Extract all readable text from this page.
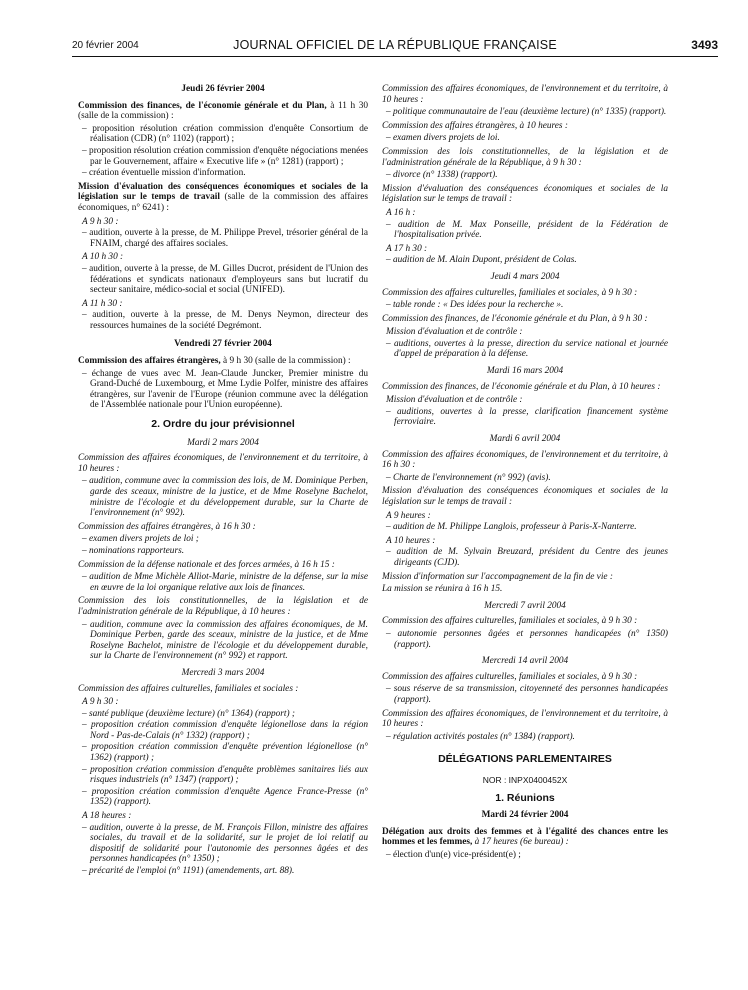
20 février 2004	JOURNAL OFFICIEL DE LA RÉPUBLIQUE FRANÇAISE	3493
Jeudi 26 février 2004
Commission des finances, de l'économie générale et du Plan, à 11 h 30 (salle de la commission) :
– proposition résolution création commission d'enquête Consortium de réalisation (CDR) (n° 1102) (rapport) ;
– proposition résolution création commission d'enquête négociations menées par le Gouvernement, affaire « Executive life » (n° 1281) (rapport) ;
– création éventuelle mission d'information.
Mission d'évaluation des conséquences économiques et sociales de la législation sur le temps de travail (salle de la commission des affaires économiques, n° 6241) :
A 9 h 30 :
– audition, ouverte à la presse, de M. Philippe Prevel, trésorier général de la FNAIM, chargé des affaires sociales.
A 10 h 30 :
– audition, ouverte à la presse, de M. Gilles Ducrot, président de l'Union des fédérations et syndicats nationaux d'employeurs sans but lucratif du secteur sanitaire, médico-social et social (UNIFED).
A 11 h 30 :
– audition, ouverte à la presse, de M. Denys Neymon, directeur des ressources humaines de la société Degrémont.
Vendredi 27 février 2004
Commission des affaires étrangères, à 9 h 30 (salle de la commission) :
– échange de vues avec M. Jean-Claude Juncker, Premier ministre du Grand-Duché de Luxembourg, et Mme Lydie Polfer, ministre des affaires étrangères, sur l'avenir de l'Europe (réunion commune avec la délégation de l'Assemblée nationale pour l'Union européenne).
2. Ordre du jour prévisionnel
Mardi 2 mars 2004
Commission des affaires économiques, de l'environnement et du territoire, à 10 heures :
– audition, commune avec la commission des lois, de M. Dominique Perben, garde des sceaux, ministre de la justice, et de Mme Roselyne Bachelot, ministre de l'écologie et du développement durable, sur la Charte de l'environnement (n° 992).
Commission des affaires étrangères, à 16 h 30 :
– examen divers projets de loi ;
– nominations rapporteurs.
Commission de la défense nationale et des forces armées, à 16 h 15 :
– audition de Mme Michèle Alliot-Marie, ministre de la défense, sur la mise en œuvre de la loi organique relative aux lois de finances.
Commission des lois constitutionnelles, de la législation et de l'administration générale de la République, à 10 heures :
– audition, commune avec la commission des affaires économiques, de M. Dominique Perben, garde des sceaux, ministre de la justice, et de Mme Roselyne Bachelot, ministre de l'écologie et du développement durable, sur la Charte de l'environnement (n° 992) et rapport.
Mercredi 3 mars 2004
Commission des affaires culturelles, familiales et sociales :
A 9 h 30 :
– santé publique (deuxième lecture) (n° 1364) (rapport) ;
– proposition création commission d'enquête légionellose dans la région Nord - Pas-de-Calais (n° 1332) (rapport) ;
– proposition création commission d'enquête prévention légionellose (n° 1362) (rapport) ;
– proposition création commission d'enquête problèmes sanitaires liés aux risques industriels (n° 1347) (rapport) ;
– proposition création commission d'enquête Agence France-Presse (n° 1352) (rapport).
A 18 heures :
– audition, ouverte à la presse, de M. François Fillon, ministre des affaires sociales, du travail et de la solidarité, sur le projet de loi relatif au dispositif de solidarité pour l'autonomie des personnes âgées et des personnes handicapées (n° 1350) ;
– précarité de l'emploi (n° 1191) (amendements, art. 88).
Commission des affaires économiques, de l'environnement et du territoire, à 10 heures :
– politique communautaire de l'eau (deuxième lecture) (n° 1335) (rapport).
Commission des affaires étrangères, à 10 heures :
– examen divers projets de loi.
Commission des lois constitutionnelles, de la législation et de l'administration générale de la République, à 9 h 30 :
– divorce (n° 1338) (rapport).
Mission d'évaluation des conséquences économiques et sociales de la législation sur le temps de travail :
A 16 h :
– audition de M. Max Ponseille, président de la Fédération de l'hospitalisation privée.
A 17 h 30 :
– audition de M. Alain Dupont, président de Colas.
Jeudi 4 mars 2004
Commission des affaires culturelles, familiales et sociales, à 9 h 30 :
– table ronde : « Des idées pour la recherche ».
Commission des finances, de l'économie générale et du Plan, à 9 h 30 :
Mission d'évaluation et de contrôle :
– auditions, ouvertes à la presse, direction du service national et journée d'appel de préparation à la défense.
Mardi 16 mars 2004
Commission des finances, de l'économie générale et du Plan, à 10 heures :
Mission d'évaluation et de contrôle :
– auditions, ouvertes à la presse, clarification financement système ferroviaire.
Mardi 6 avril 2004
Commission des affaires économiques, de l'environnement et du territoire, à 16 h 30 :
– Charte de l'environnement (n° 992) (avis).
Mission d'évaluation des conséquences économiques et sociales de la législation sur le temps de travail :
A 9 heures :
– audition de M. Philippe Langlois, professeur à Paris-X-Nanterre.
A 10 heures :
– audition de M. Sylvain Breuzard, président du Centre des jeunes dirigeants (CJD).
Mission d'information sur l'accompagnement de la fin de vie :
La mission se réunira à 16 h 15.
Mercredi 7 avril 2004
Commission des affaires culturelles, familiales et sociales, à 9 h 30 :
– autonomie personnes âgées et personnes handicapées (n° 1350) (rapport).
Mercredi 14 avril 2004
Commission des affaires culturelles, familiales et sociales, à 9 h 30 :
– sous réserve de sa transmission, citoyenneté des personnes handicapées (rapport).
Commission des affaires économiques, de l'environnement et du territoire, à 10 heures :
– régulation activités postales (n° 1384) (rapport).
DÉLÉGATIONS PARLEMENTAIRES
NOR : INPX0400452X
1. Réunions
Mardi 24 février 2004
Délégation aux droits des femmes et à l'égalité des chances entre les hommes et les femmes, à 17 heures (6e bureau) :
– élection d'un(e) vice-président(e) ;
